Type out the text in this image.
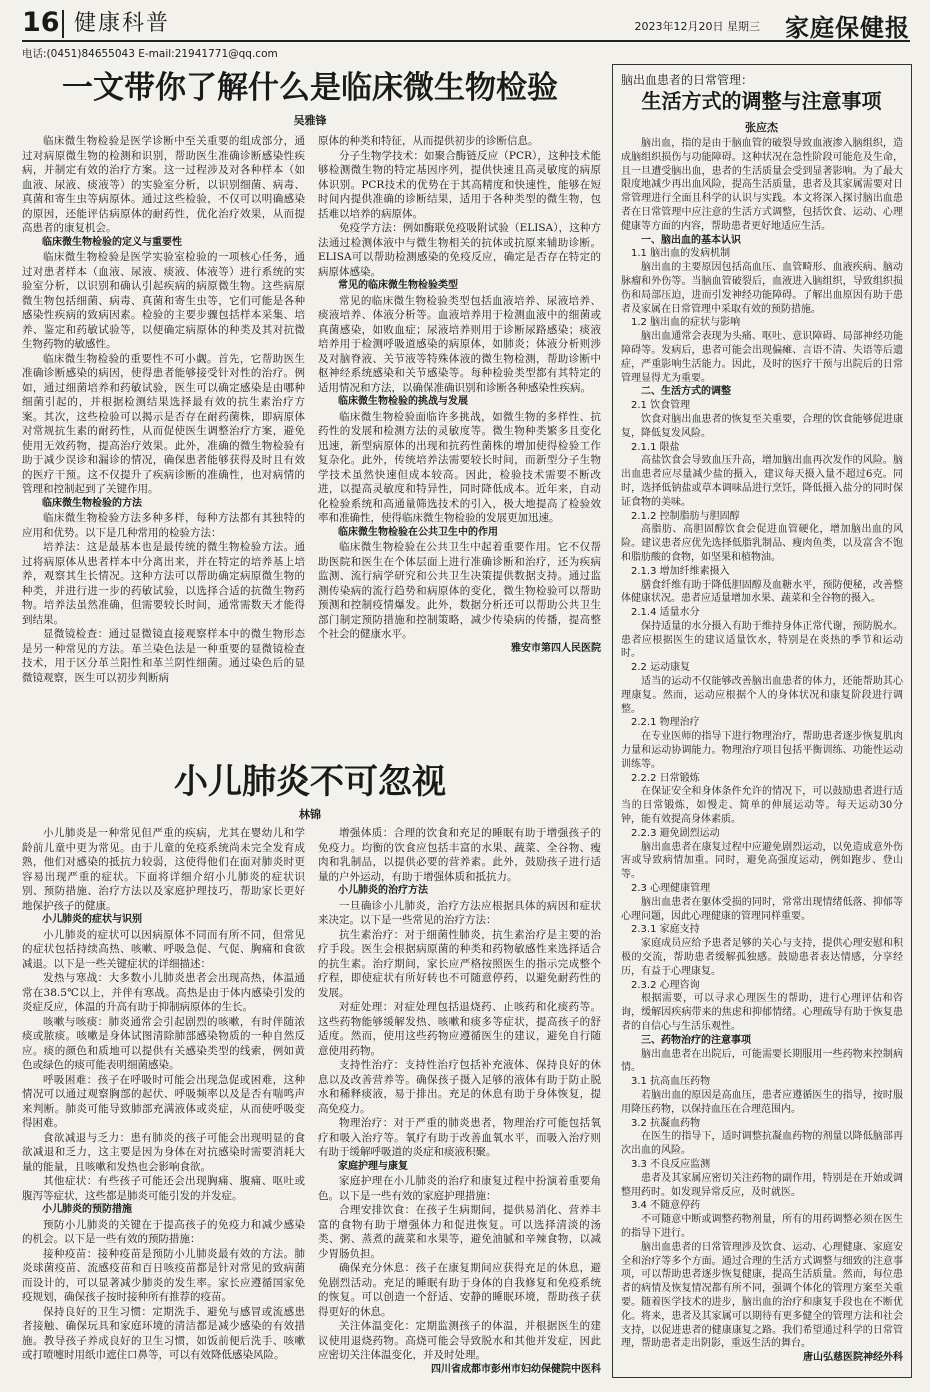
16 健康科普	2023年12月20日 星期三 家庭保健报
电话:(0451)84655043 E-mail:21941771@qq.com
一文带你了解什么是临床微生物检验
吴雅锋

临床微生物检验是医学诊断中至关重要的组成部分，通过对病原微生物的检测和识别，帮助医生准确诊断感染性疾病，并制定有效的治疗方案。这一过程涉及对各种样本（如血液、尿液、痰液等）的实验室分析，以识别细菌、病毒、真菌和寄生虫等病原体。通过这些检验，不仅可以明确感染的原因，还能评估病原体的耐药性，优化治疗效果，从而提高患者的康复机会。

临床微生物检验的定义与重要性

临床微生物检验是医学实验室检验的一项核心任务，通过对患者样本（血液、尿液、痰液、体液等）进行系统的实验室分析，以识别和确认引起疾病的病原微生物。这些病原微生物包括细菌、病毒、真菌和寄生虫等，它们可能是各种感染性疾病的致病因素。检验的主要步骤包括样本采集、培养、鉴定和药敏试验等，以便确定病原体的种类及其对抗微生物药物的敏感性。

临床微生物检验的重要性不可小觑。首先，它帮助医生准确诊断感染的病因，使得患者能够接受针对性的治疗。例如，通过细菌培养和药敏试验，医生可以确定感染是由哪种细菌引起的，并根据检测结果选择最有效的抗生素治疗方案。其次，这些检验可以揭示是否存在耐药菌株，即病原体对常规抗生素的耐药性，从而促使医生调整治疗方案，避免使用无效药物，提高治疗效果。此外，准确的微生物检验有助于减少误诊和漏诊的情况，确保患者能够获得及时且有效的医疗干预。这不仅提升了疾病诊断的准确性，也对病情的管理和控制起到了关键作用。

临床微生物检验的方法

临床微生物检验方法多种多样，每种方法都有其独特的应用和优势。以下是几种常用的检验方法：

培养法：这是最基本也是最传统的微生物检验方法。通过将病原体从患者样本中分离出来，并在特定的培养基上培养，观察其生长情况。这种方法可以帮助确定病原微生物的种类，并进行进一步的药敏试验，以选择合适的抗微生物药物。培养法虽然准确，但需要较长时间，通常需数天才能得到结果。

显微镜检查：通过显微镜直接观察样本中的微生物形态是另一种常见的方法。革兰染色法是一种重要的显微镜检查技术，用于区分革兰阳性和革兰阴性细菌。通过染色后的显微镜观察，医生可以初步判断病

原体的种类和特征，从而提供初步的诊断信息。

分子生物学技术：如聚合酶链反应（PCR），这种技术能够检测微生物的特定基因序列，提供快速且高灵敏度的病原体识别。PCR技术的优势在于其高精度和快速性，能够在短时间内提供准确的诊断结果，适用于各种类型的微生物，包括难以培养的病原体。

免疫学方法：例如酶联免疫吸附试验（ELISA），这种方法通过检测体液中与微生物相关的抗体或抗原来辅助诊断。ELISA可以帮助检测感染的免疫反应，确定是否存在特定的病原体感染。

常见的临床微生物检验类型

常见的临床微生物检验类型包括血液培养、尿液培养、痰液培养、体液分析等。血液培养用于检测血液中的细菌或真菌感染，如败血症；尿液培养则用于诊断尿路感染；痰液培养用于检测呼吸道感染的病原体，如肺炎；体液分析则涉及对脑脊液、关节液等特殊体液的微生物检测，帮助诊断中枢神经系统感染和关节感染等。每种检验类型都有其特定的适用情况和方法，以确保准确识别和诊断各种感染性疾病。

临床微生物检验的挑战与发展

临床微生物检验面临许多挑战，如微生物的多样性、抗药性的发展和检测方法的灵敏度等。微生物种类繁多且变化迅速，新型病原体的出现和抗药性菌株的增加使得检验工作复杂化。此外，传统培养法需要较长时间，而新型分子生物学技术虽然快速但成本较高。因此，检验技术需要不断改进，以提高灵敏度和特异性，同时降低成本。近年来，自动化检验系统和高通量筛选技术的引入，极大地提高了检验效率和准确性，使得临床微生物检验的发展更加迅速。

临床微生物检验在公共卫生中的作用

临床微生物检验在公共卫生中起着重要作用。它不仅帮助医院和医生在个体层面上进行准确诊断和治疗，还为疾病监测、流行病学研究和公共卫生决策提供数据支持。通过监测传染病的流行趋势和病原体的变化，微生物检验可以帮助预测和控制疫情爆发。此外，数据分析还可以帮助公共卫生部门制定预防措施和控制策略，减少传染病的传播，提高整个社会的健康水平。

雅安市第四人民医院

小儿肺炎不可忽视
林锦

小儿肺炎是一种常见但严重的疾病，尤其在婴幼儿和学龄前儿童中更为常见。由于儿童的免疫系统尚未完全发育成熟，他们对感染的抵抗力较弱，这使得他们在面对肺炎时更容易出现严重的症状。下面将详细介绍小儿肺炎的症状识别、预防措施、治疗方法以及家庭护理技巧，帮助家长更好地保护孩子的健康。

小儿肺炎的症状与识别

小儿肺炎的症状可以因病原体不同而有所不同，但常见的症状包括持续高热、咳嗽、呼吸急促、气促、胸痛和食欲减退。以下是一些关键症状的详细描述：

发热与寒战：大多数小儿肺炎患者会出现高热，体温通常在38.5℃以上，并伴有寒战。高热是由于体内感染引发的炎症反应，体温的升高有助于抑制病原体的生长。

咳嗽与咳痰：肺炎通常会引起剧烈的咳嗽，有时伴随浓痰或脓痰。咳嗽是身体试图清除肺部感染物质的一种自然反应。痰的颜色和质地可以提供有关感染类型的线索，例如黄色或绿色的痰可能表明细菌感染。

呼吸困难：孩子在呼吸时可能会出现急促或困难，这种情况可以通过观察胸部的起伏、呼吸频率以及是否有喘鸣声来判断。肺炎可能导致肺部充满液体或炎症，从而使呼吸变得困难。

食欲减退与乏力：患有肺炎的孩子可能会出现明显的食欲减退和乏力，这主要是因为身体在对抗感染时需要消耗大量的能量，且咳嗽和发热也会影响食欲。

其他症状：有些孩子可能还会出现胸痛、腹痛、呕吐或腹泻等症状，这些都是肺炎可能引发的并发症。

小儿肺炎的预防措施

预防小儿肺炎的关键在于提高孩子的免疫力和减少感染的机会。以下是一些有效的预防措施：

接种疫苗：接种疫苗是预防小儿肺炎最有效的方法。肺炎球菌疫苗、流感疫苗和百日咳疫苗都是针对常见的致病菌而设计的，可以显著减少肺炎的发生率。家长应遵循国家免疫规划，确保孩子按时接种所有推荐的疫苗。

保持良好的卫生习惯：定期洗手、避免与感冒或流感患者接触、确保玩具和家庭环境的清洁都是减少感染的有效措施。教导孩子养成良好的卫生习惯，如饭前便后洗手、咳嗽或打喷嚏时用纸巾遮住口鼻等，可以有效降低感染风险。

增强体质：合理的饮食和充足的睡眠有助于增强孩子的免疫力。均衡的饮食应包括丰富的水果、蔬菜、全谷物、瘦肉和乳制品，以提供必要的营养素。此外，鼓励孩子进行适量的户外运动，有助于增强体质和抵抗力。

小儿肺炎的治疗方法

一旦确诊小儿肺炎，治疗方法应根据具体的病因和症状来决定。以下是一些常见的治疗方法：

抗生素治疗：对于细菌性肺炎，抗生素治疗是主要的治疗手段。医生会根据病原菌的种类和药物敏感性来选择适合的抗生素。治疗期间，家长应严格按照医生的指示完成整个疗程，即使症状有所好转也不可随意停药，以避免耐药性的发展。

对症处理：对症处理包括退烧药、止咳药和化痰药等。这些药物能够缓解发热、咳嗽和痰多等症状，提高孩子的舒适度。然而，使用这些药物应遵循医生的建议，避免自行随意使用药物。

支持性治疗：支持性治疗包括补充液体、保持良好的休息以及改善营养等。确保孩子摄入足够的液体有助于防止脱水和稀释痰液，易于排出。充足的休息有助于身体恢复，提高免疫力。

物理治疗：对于严重的肺炎患者，物理治疗可能包括氧疗和吸入治疗等。氧疗有助于改善血氧水平，而吸入治疗则有助于缓解呼吸道的炎症和痰液积聚。

家庭护理与康复

家庭护理在小儿肺炎的治疗和康复过程中扮演着重要角色。以下是一些有效的家庭护理措施：

合理安排饮食：在孩子生病期间，提供易消化、营养丰富的食物有助于增强体力和促进恢复。可以选择清淡的汤类、粥、蒸煮的蔬菜和水果等，避免油腻和辛辣食物，以减少胃肠负担。

确保充分休息：孩子在康复期间应获得充足的休息，避免剧烈活动。充足的睡眠有助于身体的自我修复和免疫系统的恢复。可以创造一个舒适、安静的睡眠环境，帮助孩子获得更好的休息。

关注体温变化：定期监测孩子的体温，并根据医生的建议使用退烧药物。高烧可能会导致脱水和其他并发症，因此应密切关注体温变化，并及时处理。

四川省成都市彭州市妇幼保健院中医科

脑出血患者的日常管理：
生活方式的调整与注意事项
张应杰

脑出血，指的是由于脑血管的破裂导致血液渗入脑组织，造成脑组织损伤与功能障碍。这种状况在急性阶段可能危及生命，且一旦遭受脑出血，患者的生活质量会受到显著影响。为了最大限度地减少再出血风险，提高生活质量，患者及其家属需要对日常管理进行全面且科学的认识与实践。本文将深入探讨脑出血患者在日常管理中应注意的生活方式调整，包括饮食、运动、心理健康等方面的内容，帮助患者更好地适应生活。

一、脑出血的基本认识

1.1 脑出血的发病机制

脑出血的主要原因包括高血压、血管畸形、血液疾病、脑动脉瘤和外伤等。当脑血管破裂后，血液进入脑组织，导致组织损伤和局部压迫，进而引发神经功能障碍。了解出血原因有助于患者及家属在日常管理中采取有效的预防措施。

1.2 脑出血的症状与影响

脑出血通常会表现为头痛、呕吐、意识障碍、局部神经功能障碍等。发病后，患者可能会出现偏瘫、言语不清、失语等后遗症，严重影响生活能力。因此，及时的医疗干预与出院后的日常管理显得尤为重要。

二、生活方式的调整

2.1 饮食管理

饮食对脑出血患者的恢复至关重要，合理的饮食能够促进康复，降低复发风险。

2.1.1 限盐

高盐饮食会导致血压升高，增加脑出血再次发作的风险。脑出血患者应尽量减少盐的摄入，建议每天摄入量不超过6克。同时，选择低钠盐或草本调味品进行烹饪，降低摄入盐分的同时保证食物的美味。

2.1.2 控制脂肪与胆固醇

高脂肪、高胆固醇饮食会促进血管硬化，增加脑出血的风险。建议患者应优先选择低脂乳制品、瘦肉鱼类，以及富含不饱和脂肪酸的食物，如坚果和植物油。

2.1.3 增加纤维素摄入

膳食纤维有助于降低胆固醇及血糖水平，预防便秘，改善整体健康状况。患者应适量增加水果、蔬菜和全谷物的摄入。

2.1.4 适量水分

保持适量的水分摄入有助于维持身体正常代谢，预防脱水。患者应根据医生的建议适量饮水，特别是在炎热的季节和运动时。

2.2 运动康复

适当的运动不仅能够改善脑出血患者的体力，还能帮助其心理康复。然而，运动应根据个人的身体状况和康复阶段进行调整。

2.2.1 物理治疗

在专业医师的指导下进行物理治疗，帮助患者逐步恢复肌肉力量和运动协调能力。物理治疗项目包括平衡训练、功能性运动训练等。

2.2.2 日常锻炼

在保证安全和身体条件允许的情况下，可以鼓励患者进行适当的日常锻炼，如慢走、简单的伸展运动等。每天运动30分钟，能有效提高身体素质。

2.2.3 避免剧烈运动

脑出血患者在康复过程中应避免剧烈运动，以免造成意外伤害或导致病情加重。同时，避免高强度运动，例如跑步、登山等。

2.3 心理健康管理

脑出血患者在躯体受损的同时，常常出现情绪低落、抑郁等心理问题，因此心理健康的管理同样重要。

2.3.1 家庭支持

家庭成员应给予患者足够的关心与支持，提供心理安慰和积极的交流，帮助患者缓解孤独感。鼓励患者表达情感，分享经历，有益于心理康复。

2.3.2 心理咨询

根据需要，可以寻求心理医生的帮助，进行心理评估和咨询，缓解因疾病带来的焦虑和抑郁情绪。心理疏导有助于恢复患者的自信心与生活乐观性。

三、药物治疗的注意事项

脑出血患者在出院后，可能需要长期服用一些药物来控制病情。

3.1 抗高血压药物

若脑出血的原因是高血压，患者应遵循医生的指导，按时服用降压药物，以保持血压在合理范围内。

3.2 抗凝血药物

在医生的指导下，适时调整抗凝血药物的剂量以降低脑部再次出血的风险。

3.3 不良反应监测

患者及其家属应密切关注药物的副作用，特别是在开始或调整用药时。如发现异常反应，及时就医。

3.4 不随意停药

不可随意中断或调整药物剂量，所有的用药调整必须在医生的指导下进行。

脑出血患者的日常管理涉及饮食、运动、心理健康、家庭安全和治疗等多个方面。通过合理的生活方式调整与细致的注意事项，可以帮助患者逐步恢复健康，提高生活质量。然而，每位患者的病情及恢复情况都有所不同，强调个体化的管理方案至关重要。随着医学技术的进步，脑出血的治疗和康复手段也在不断优化。将来，患者及其家属可以期待有更多健全的管理方法和社会支持，以促进患者的健康康复之路。我们希望通过科学的日常管理，帮助患者走出阴影，重返生活的舞台。

唐山弘慈医院神经外科
